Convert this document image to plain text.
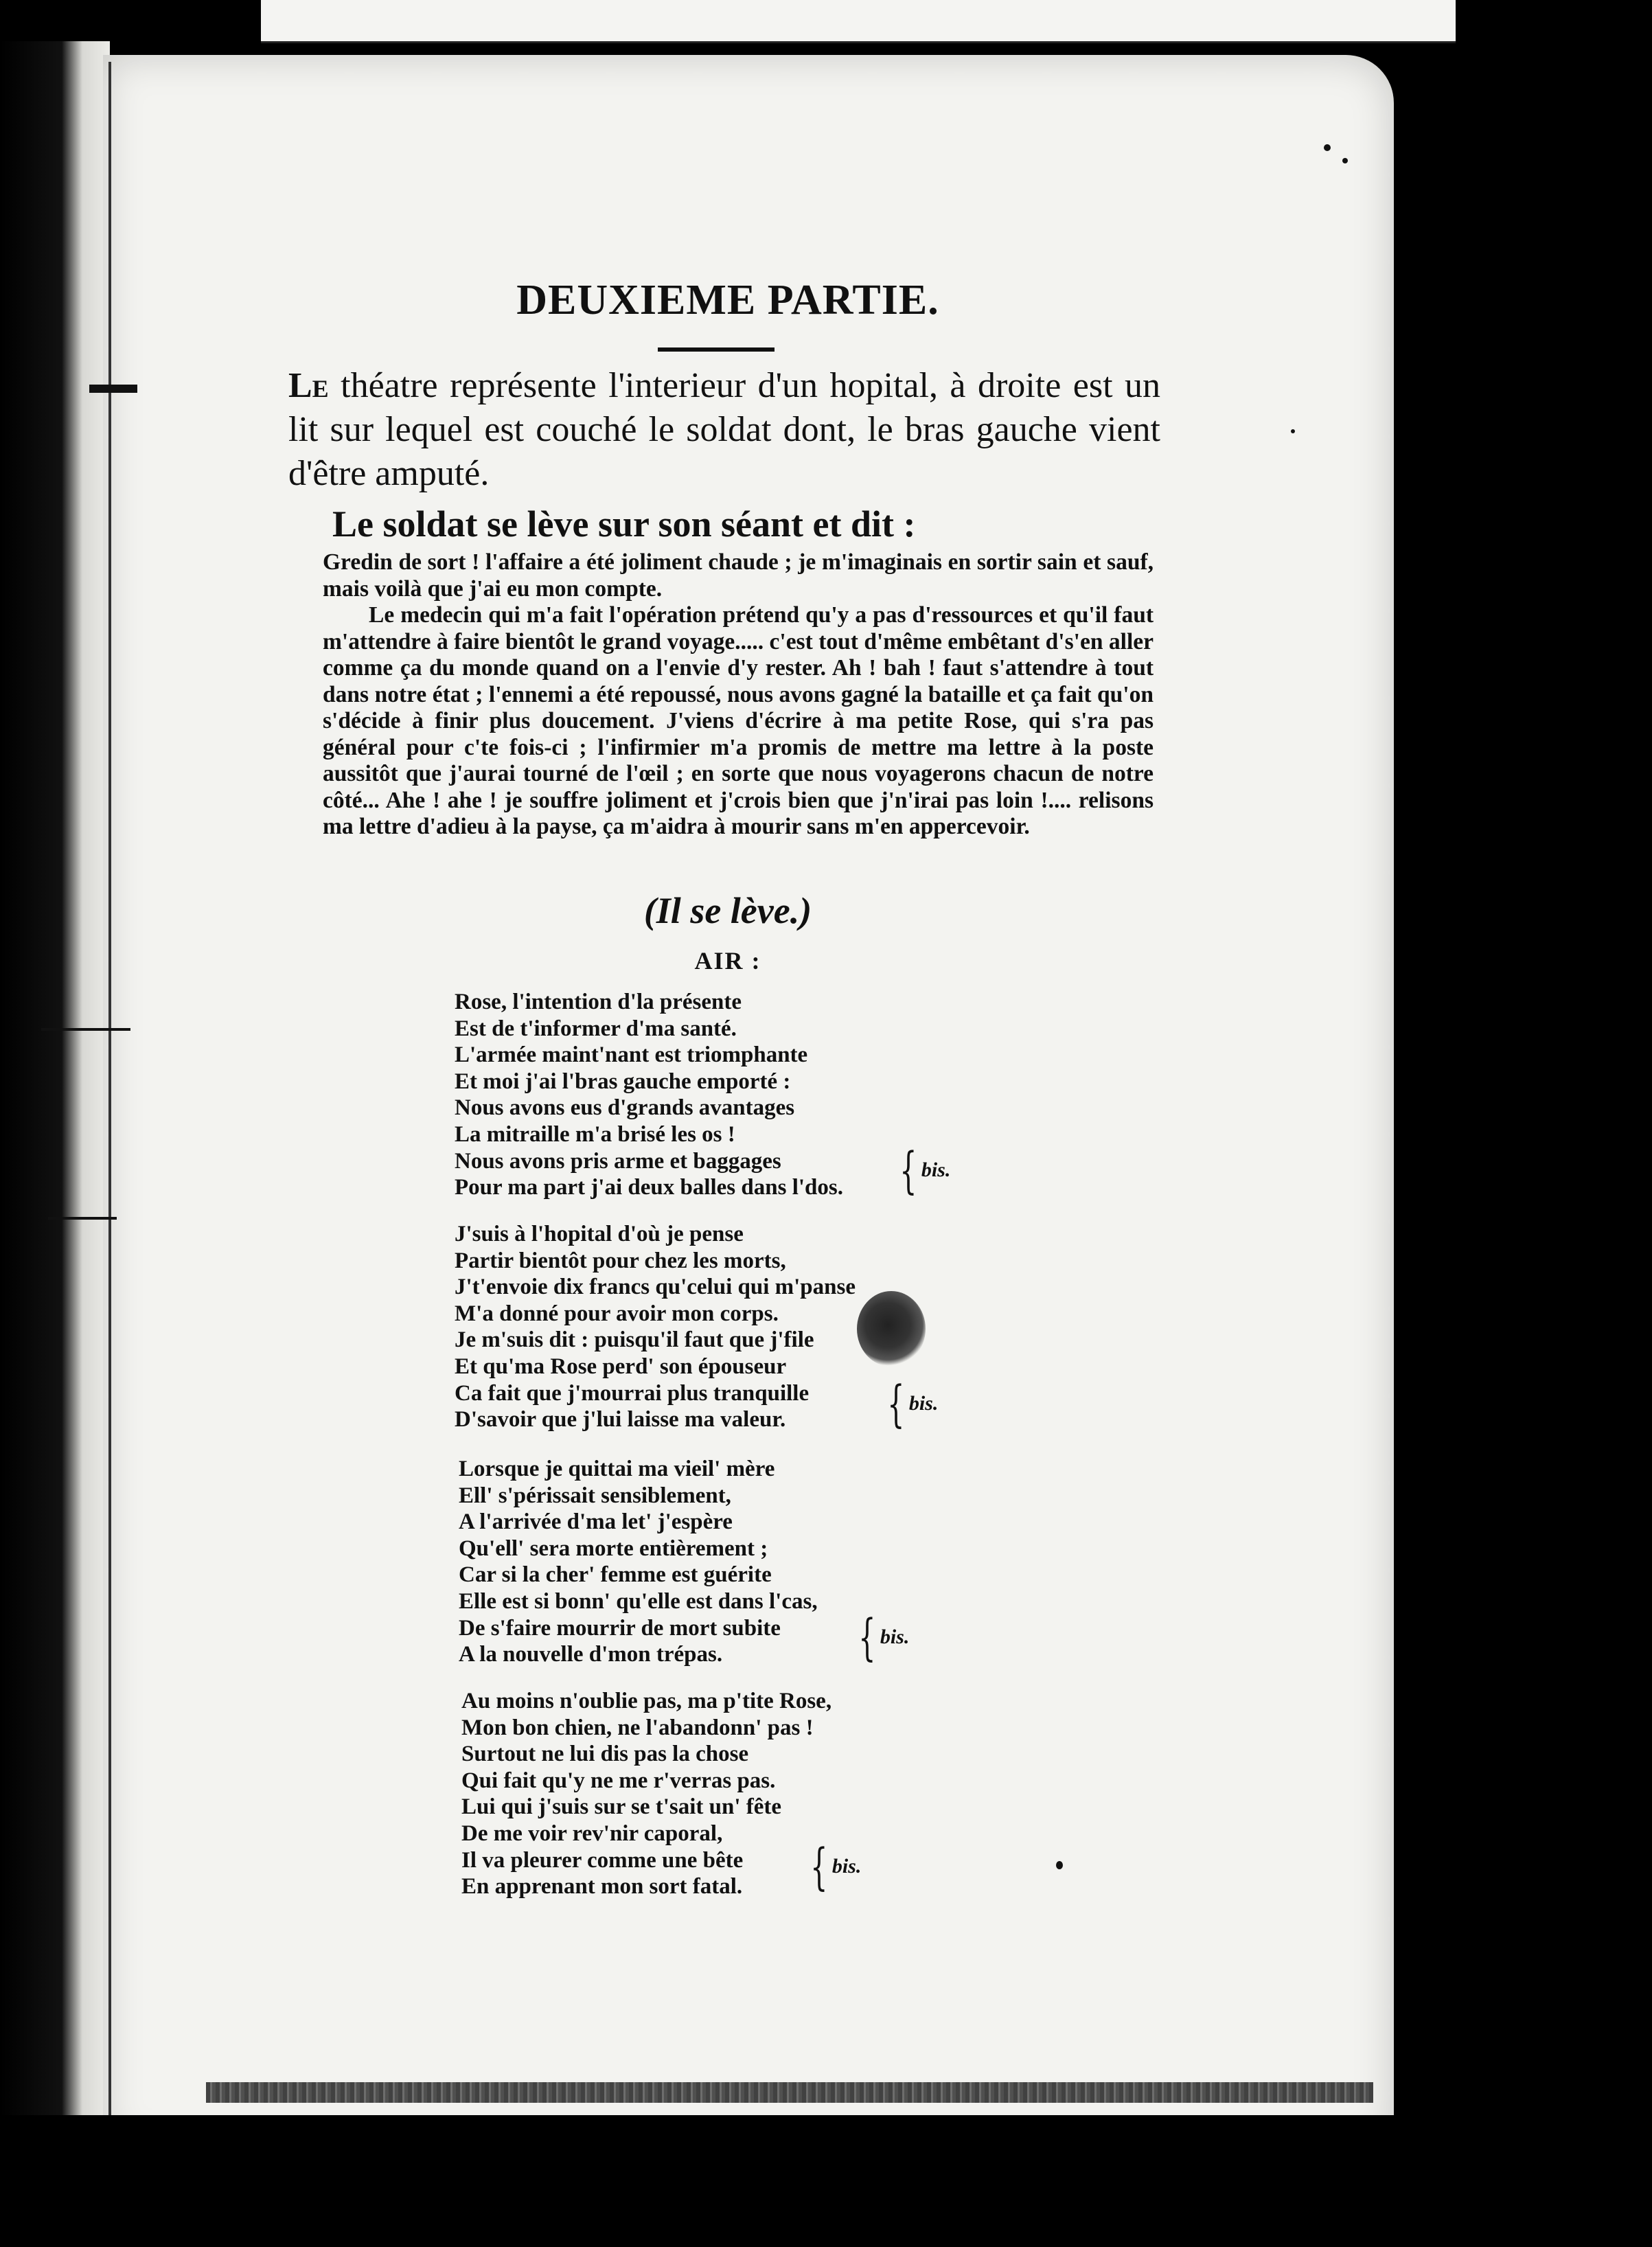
DEUXIEME PARTIE.
Le théatre représente l'interieur d'un hopital, à droite est un lit sur lequel est couché le soldat dont, le bras gauche vient d'être amputé.
Le soldat se lève sur son séant et dit :

Gredin de sort ! l'affaire a été joliment chaude ; je m'imaginais en sortir sain et sauf, mais voilà que j'ai eu mon compte.

Le medecin qui m'a fait l'opération prétend qu'y a pas d'ressources et qu'il faut m'attendre à faire bientôt le grand voyage..... c'est tout d'même embêtant d's'en aller comme ça du monde quand on a l'envie d'y rester. Ah ! bah ! faut s'attendre à tout dans notre état ; l'ennemi a été repoussé, nous avons gagné la bataille et ça fait qu'on s'décide à finir plus doucement. J'viens d'écrire à ma petite Rose, qui s'ra pas général pour c'te fois-ci ; l'infirmier m'a promis de mettre ma lettre à la poste aussitôt que j'aurai tourné de l'œil ; en sorte que nous voyagerons chacun de notre côté... Ahe ! ahe ! je souffre joliment et j'crois bien que j'n'irai pas loin !.... relisons ma lettre d'adieu à la payse, ça m'aidra à mourir sans m'en appercevoir.

(Il se lève.)
AIR :
Rose, l'intention d'la présente
Est de t'informer d'ma santé.
L'armée maint'nant est triomphante
Et moi j'ai l'bras gauche emporté :
Nous avons eus d'grands avantages
La mitraille m'a brisé les os !
Nous avons pris arme et baggages
Pour ma part j'ai deux balles dans l'dos. { bis.
J'suis à l'hopital d'où je pense
Partir bientôt pour chez les morts,
J't'envoie dix francs qu'celui qui m'panse
M'a donné pour avoir mon corps.
Je m'suis dit : puisqu'il faut que j'file
Et qu'ma Rose perd' son épouseur
Ca fait que j'mourrai plus tranquille
D'savoir que j'lui laisse ma valeur.	{ bis.
Lorsque je quittai ma vieil' mère
Ell' s'périssait sensiblement,
A l'arrivée d'ma let' j'espère
Qu'ell' sera morte entièrement ;
Car si la cher' femme est guérite
Elle est si bonn' qu'elle est dans l'cas,
De s'faire mourrir de mort subite
A la nouvelle d'mon trépas.	{ bis.
Au moins n'oublie pas, ma p'tite Rose,
Mon bon chien, ne l'abandonn' pas !
Surtout ne lui dis pas la chose
Qui fait qu'y ne me r'verras pas.
Lui qui j'suis sur se t'sait un' fête
De me voir rev'nir caporal,
Il va pleurer comme une bête
En apprenant mon sort fatal.	{ bis.
